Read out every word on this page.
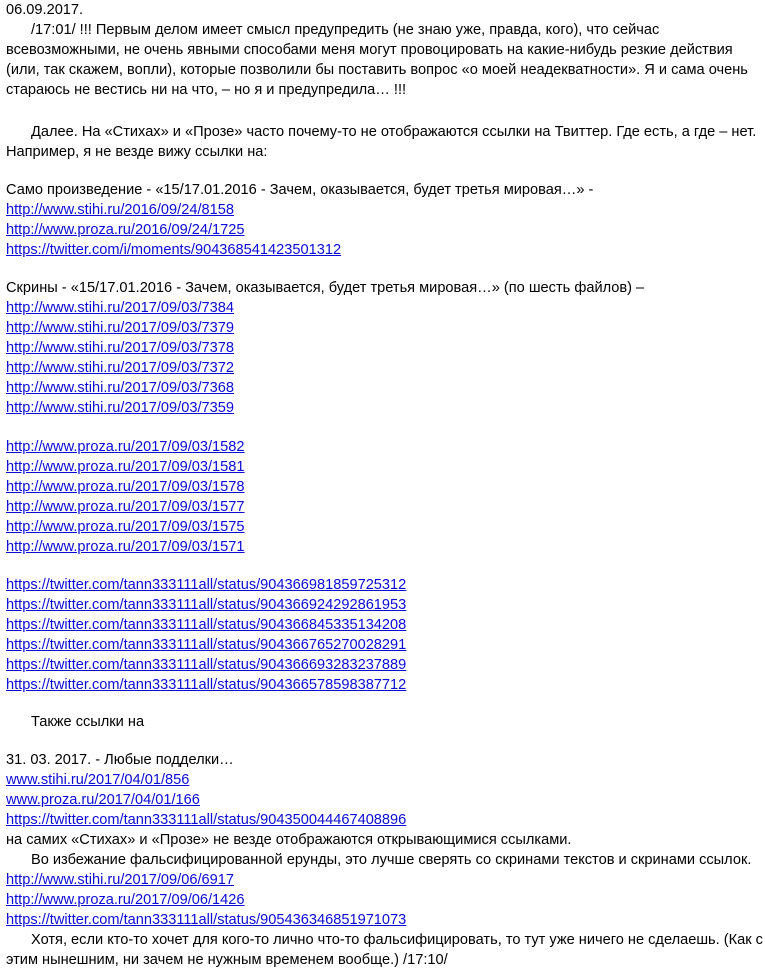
06.09.2017.
/17:01/ !!! Первым делом имеет смысл предупредить (не знаю уже, правда, кого), что сейчас
всевозможными, не очень явными способами меня могут провоцировать на какие-нибудь резкие действия
(или, так скажем, вопли), которые позволили бы поставить вопрос «о моей неадекватности». Я и сама очень
стараюсь не вестись ни на что, – но я и предупредила… !!!
Далее. На «Стихах» и «Прозе» часто почему-то не отображаются ссылки на Твиттер. Где есть, а где – нет.
Например, я не везде вижу ссылки на:
Само произведение - «15/17.01.2016 - Зачем, оказывается, будет третья мировая…» -
http://www.stihi.ru/2016/09/24/8158
http://www.proza.ru/2016/09/24/1725
https://twitter.com/i/moments/904368541423501312
Скрины - «15/17.01.2016 - Зачем, оказывается, будет третья мировая…» (по шесть файлов) –
http://www.stihi.ru/2017/09/03/7384
http://www.stihi.ru/2017/09/03/7379
http://www.stihi.ru/2017/09/03/7378
http://www.stihi.ru/2017/09/03/7372
http://www.stihi.ru/2017/09/03/7368
http://www.stihi.ru/2017/09/03/7359
http://www.proza.ru/2017/09/03/1582
http://www.proza.ru/2017/09/03/1581
http://www.proza.ru/2017/09/03/1578
http://www.proza.ru/2017/09/03/1577
http://www.proza.ru/2017/09/03/1575
http://www.proza.ru/2017/09/03/1571
https://twitter.com/tann333111all/status/904366981859725312
https://twitter.com/tann333111all/status/904366924292861953
https://twitter.com/tann333111all/status/904366845335134208
https://twitter.com/tann333111all/status/904366765270028291
https://twitter.com/tann333111all/status/904366693283237889
https://twitter.com/tann333111all/status/904366578598387712
Также ссылки на
31. 03. 2017. - Любые подделки…
www.stihi.ru/2017/04/01/856
www.proza.ru/2017/04/01/166
https://twitter.com/tann333111all/status/904350044467408896
на самих «Стихах» и «Прозе» не везде отображаются открывающимися ссылками.
Во избежание фальсифицированной ерунды, это лучше сверять со скринами текстов и скринами ссылок.
http://www.stihi.ru/2017/09/06/6917
http://www.proza.ru/2017/09/06/1426
https://twitter.com/tann333111all/status/905436346851971073
Хотя, если кто-то хочет для кого-то лично что-то фальсифицировать, то тут уже ничего не сделаешь. (Как с
этим нынешним, ни зачем не нужным временем вообще.) /17:10/
